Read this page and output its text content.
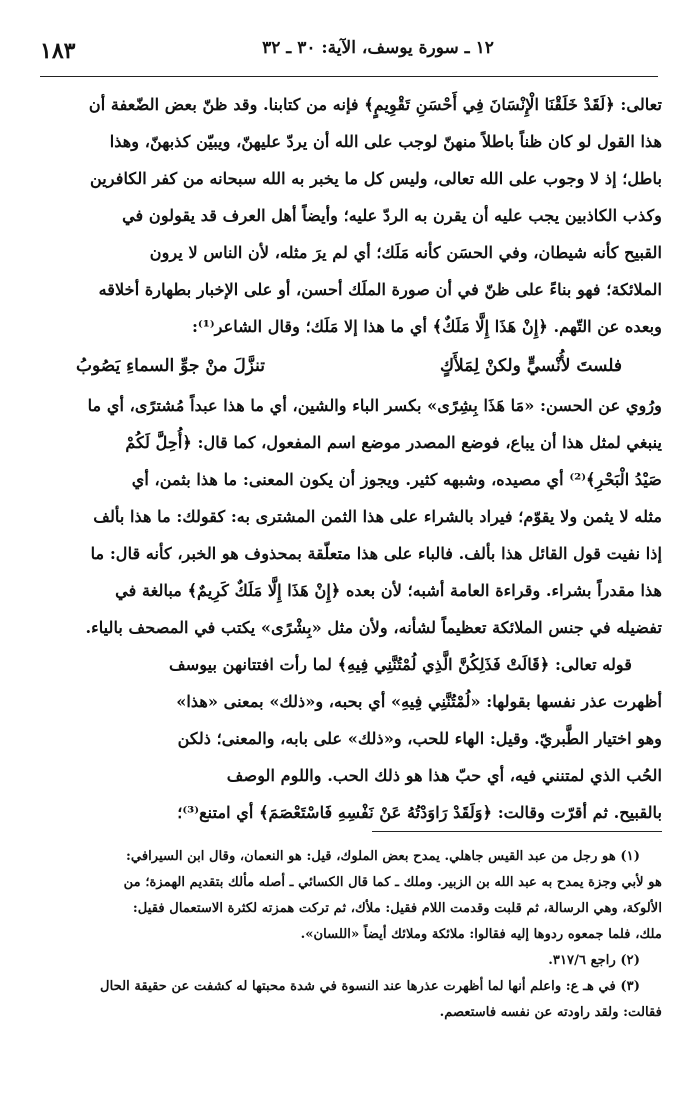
١٨٣	١٢ ـ سورة يوسف، الآية: ٣٠ ـ ٣٢
تعالى: ﴿لَقَدْ خَلَقْنَا الْإِنْسَانَ فِي أَحْسَنِ تَقْوِيمٍ﴾ فإنه من كتابنا. وقد ظنّ بعض الضّعفة أن
هذا القول لو كان ظناً باطلاً منهنّ لوجب على الله أن يردّ عليهنّ، ويبيّن كذبهنّ، وهذا
باطل؛ إذ لا وجوب على الله تعالى، وليس كل ما يخبر به الله سبحانه من كفر الكافرين
وكذب الكاذبين يجب عليه أن يقرن به الردّ عليه؛ وأيضاً أهل العرف قد يقولون في
القبيح كأنه شيطان، وفي الحسَن كأنه مَلَك؛ أي لم يرَ مثله، لأن الناس لا يرون
الملائكة؛ فهو بناءً على ظنّ في أن صورة الملَك أحسن، أو على الإخبار بطهارة أخلاقه
وبعده عن التّهم. ﴿إِنْ هَذَا إِلَّا مَلَكٌ﴾ أي ما هذا إلا مَلَك؛ وقال الشاعر⁽¹⁾:
فلستَ لأُنْسيٍّ ولكنْ لِمَلأَكٍ
تنزَّلَ منْ جوِّ السماءِ يَصُوبُ
ورُوي عن الحسن: «مَا هَذَا بِشِرًى» بكسر الباء والشين، أي ما هذا عبداً مُشترًى، أي ما
ينبغي لمثل هذا أن يباع، فوضع المصدر موضع اسم المفعول، كما قال: ﴿أُحِلَّ لَكُمْ
صَيْدُ الْبَحْرِ﴾⁽²⁾ أي مصيده، وشبهه كثير. ويجوز أن يكون المعنى: ما هذا بثمن، أي
مثله لا يثمن ولا يقوّم؛ فيراد بالشراء على هذا الثمن المشترى به: كقولك: ما هذا بألف
إذا نفيت قول القائل هذا بألف. فالباء على هذا متعلّقة بمحذوف هو الخبر، كأنه قال: ما
هذا مقدراً بشراء. وقراءة العامة أشبه؛ لأن بعده ﴿إِنْ هَذَا إِلَّا مَلَكٌ كَرِيمٌ﴾ مبالغة في
تفضيله في جنس الملائكة تعظيماً لشأنه، ولأن مثل «بِشْرًى» يكتب في المصحف بالياء.
قوله تعالى: ﴿قَالَتْ فَذَلِكُنَّ الَّذِي لُمْتُنَّنِي فِيهِ﴾ لما رأت افتتانهن بيوسف
أظهرت عذر نفسها بقولها: «لُمْتُنَّنِي فِيهِ» أي بحبه، و«ذلك» بمعنى «هذا»
وهو اختيار الطَّبريّ. وقيل: الهاء للحب، و«ذلك» على بابه، والمعنى؛ ذلكن
الحُب الذي لمتنني فيه، أي حبّ هذا هو ذلك الحب. واللوم الوصف
بالقبيح. ثم أقرّت وقالت: ﴿وَلَقَدْ رَاوَدْتُهُ عَنْ نَفْسِهِ فَاسْتَعْصَمَ﴾ أي امتنع⁽³⁾؛
(١) هو رجل من عبد القيس جاهلي. يمدح بعض الملوك، قيل: هو النعمان، وقال ابن السيرافي:
هو لأبي وجزة يمدح به عبد الله بن الزبير. وملك ـ كما قال الكسائي ـ أصله مألك بتقديم الهمزة؛ من
الألوكة، وهي الرسالة، ثم قلبت وقدمت اللام فقيل: ملأك، ثم تركت همزته لكثرة الاستعمال فقيل:
ملك، فلما جمعوه ردوها إليه فقالوا: ملائكة وملائك أيضاً «اللسان».
(٢) راجع ٣١٧/٦.
(٣) في هـ ع: واعلم أنها لما أظهرت عذرها عند النسوة في شدة محبتها له كشفت عن حقيقة الحال
فقالت: ولقد راودته عن نفسه فاستعصم.
